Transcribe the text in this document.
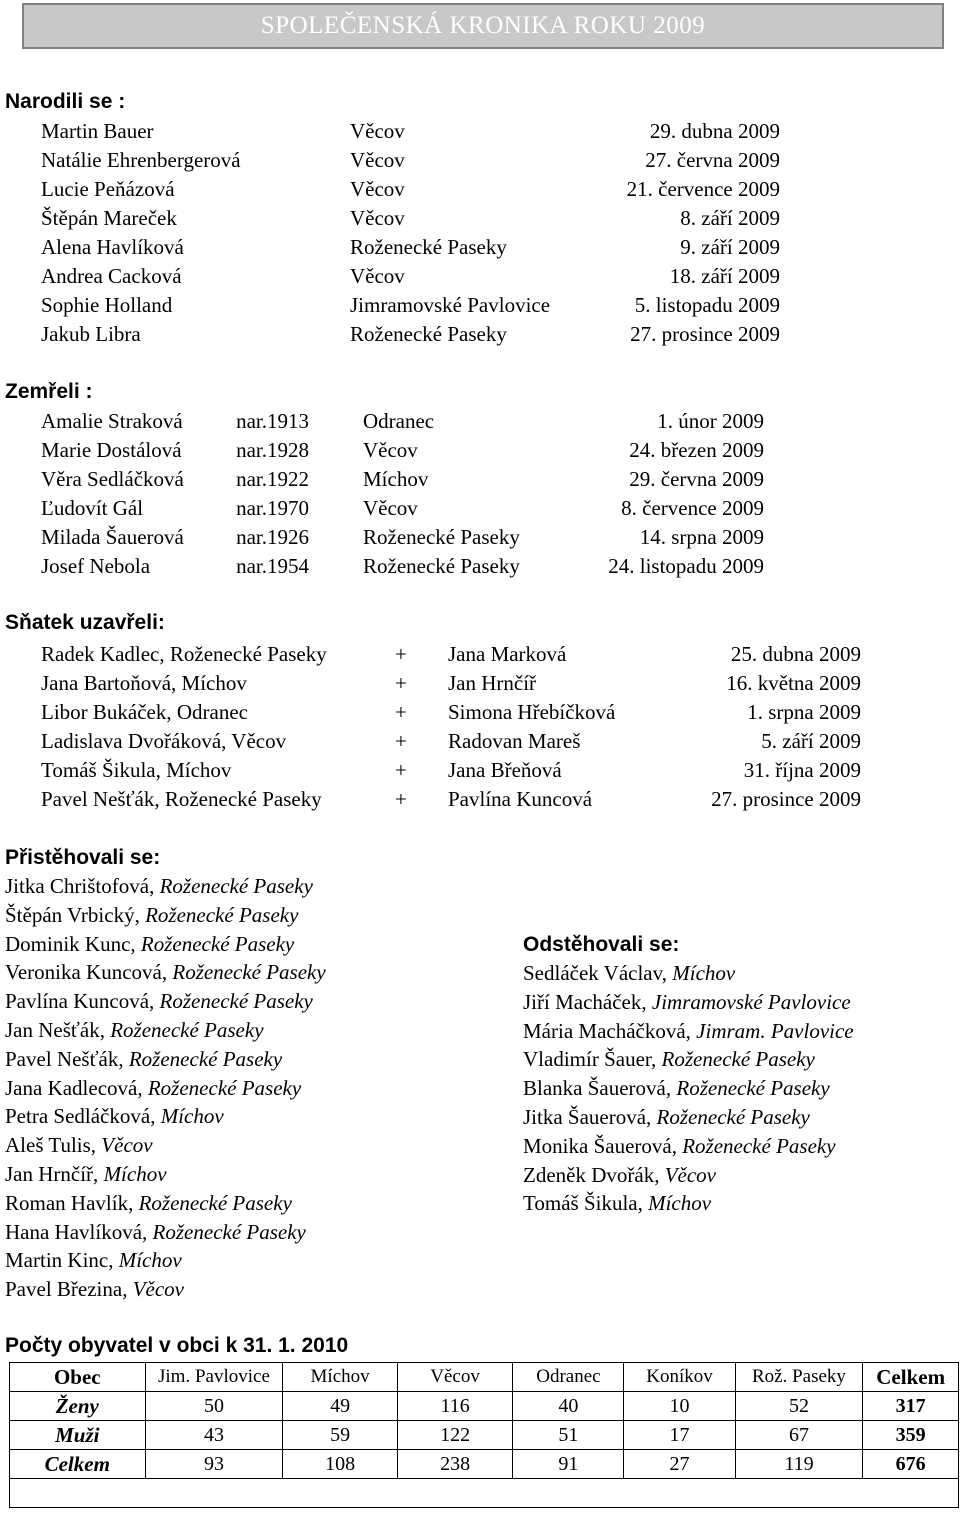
SPOLEČENSKÁ KRONIKA ROKU 2009
Narodili se :
Martin Bauer	Věcov	29. dubna 2009
Natálie Ehrenbergerová	Věcov	27. června 2009
Lucie Peňázová	Věcov	21. července 2009
Štěpán Mareček	Věcov	8. září 2009
Alena Havlíková	Roženecké Paseky	9. září 2009
Andrea Cacková	Věcov	18. září 2009
Sophie Holland	Jimramovské Pavlovice	5. listopadu 2009
Jakub Libra	Roženecké Paseky	27. prosince 2009
Zemřeli :
Amalie Straková	nar.1913	Odranec	1. únor 2009
Marie Dostálová	nar.1928	Věcov	24. březen 2009
Věra Sedláčková nar.1922	Míchov	29. června 2009
Ľudovít Gál	nar.1970	Věcov	8. července 2009
Milada Šauerová nar.1926	Roženecké Paseky	14. srpna 2009
Josef Nebola	nar.1954	Roženecké Paseky	24. listopadu 2009
Sňatek uzavřeli:
Radek Kadlec, Roženecké Paseky	+ Jana Marková	25. dubna 2009
Jana Bartoňová, Míchov	+ Jan Hrnčíř	16. května 2009
Libor Bukáček, Odranec	+ Simona Hřebíčková	1. srpna 2009
Ladislava Dvořáková, Věcov	+ Radovan Mareš	5. září 2009
Tomáš Šikula, Míchov	+ Jana Břeňová	31. října 2009
Pavel Nešťák, Roženecké Paseky	+ Pavlína Kuncová	27. prosince 2009
Přistěhovali se:
Jitka Chrištofová, Roženecké Paseky
Štěpán Vrbický, Roženecké Paseky
Dominik Kunc, Roženecké Paseky
Veronika Kuncová, Roženecké Paseky
Pavlína Kuncová, Roženecké Paseky
Jan Nešťák, Roženecké Paseky
Pavel Nešťák, Roženecké Paseky
Jana Kadlecová, Roženecké Paseky
Petra Sedláčková, Míchov
Aleš Tulis, Věcov
Jan Hrnčíř, Míchov
Roman Havlík, Roženecké Paseky
Hana Havlíková, Roženecké Paseky
Martin Kinc, Míchov
Pavel Březina, Věcov
Odstěhovali se:
Sedláček Václav, Míchov
Jiří Macháček, Jimramovské Pavlovice
Mária Macháčková, Jimram. Pavlovice
Vladimír Šauer, Roženecké Paseky
Blanka Šauerová, Roženecké Paseky
Jitka Šauerová, Roženecké Paseky
Monika Šauerová, Roženecké Paseky
Zdeněk Dvořák, Věcov
Tomáš Šikula, Míchov
Počty obyvatel v obci k 31. 1. 2010
Obec	Jim. Pavlovice	Míchov	Věcov	Odranec	Koníkov	Rož. Paseky	Celkem
Ženy	50	49	116	40	10	52	317
Muži	43	59	122	51	17	67	359
Celkem	93	108	238	91	27	119	676
